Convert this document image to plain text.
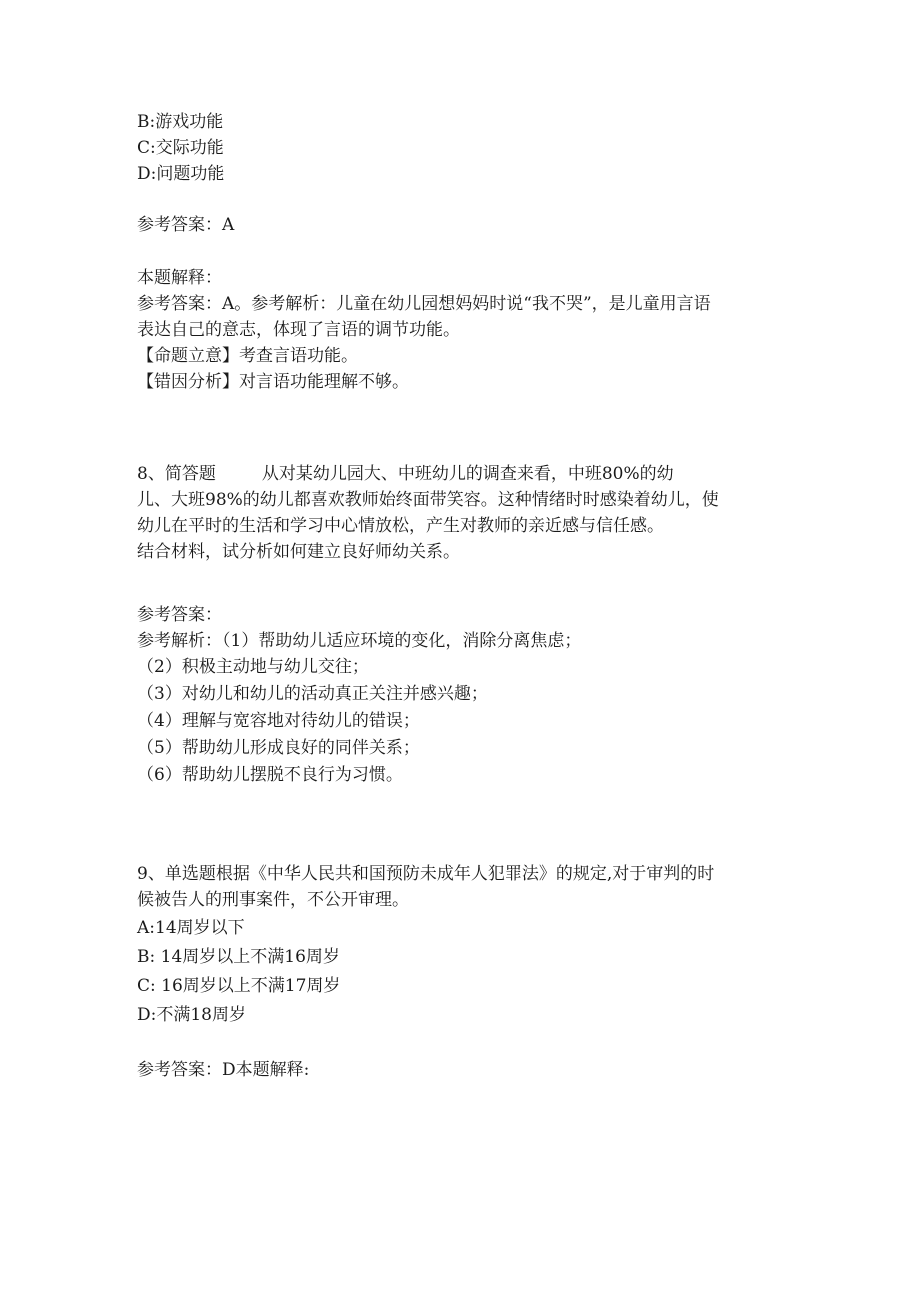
B:游戏功能
C:交际功能
D:问题功能
参考答案：A
本题解释：
参考答案：A。参考解析：儿童在幼儿园想妈妈时说“我不哭”，是儿童用言语
表达自己的意志，体现了言语的调节功能。
【命题立意】考查言语功能。
【错因分析】对言语功能理解不够。
8、简答题	从对某幼儿园大、中班幼儿的调查来看，中班80%的幼
儿、大班98%的幼儿都喜欢教师始终面带笑容。这种情绪时时感染着幼儿，使
幼儿在平时的生活和学习中心情放松，产生对教师的亲近感与信任感。
结合材料，试分析如何建立良好师幼关系。
参考答案：
参考解析：（1）帮助幼儿适应环境的变化，消除分离焦虑；
（2）积极主动地与幼儿交往；
（3）对幼儿和幼儿的活动真正关注并感兴趣；
（4）理解与宽容地对待幼儿的错误；
（5）帮助幼儿形成良好的同伴关系；
（6）帮助幼儿摆脱不良行为习惯。
9、单选题根据《中华人民共和国预防未成年人犯罪法》的规定,对于审判的时
候被告人的刑事案件，不公开审理。
A:14周岁以下
B: 14周岁以上不满16周岁
C: 16周岁以上不满17周岁
D:不满18周岁
参考答案：D本题解释:
